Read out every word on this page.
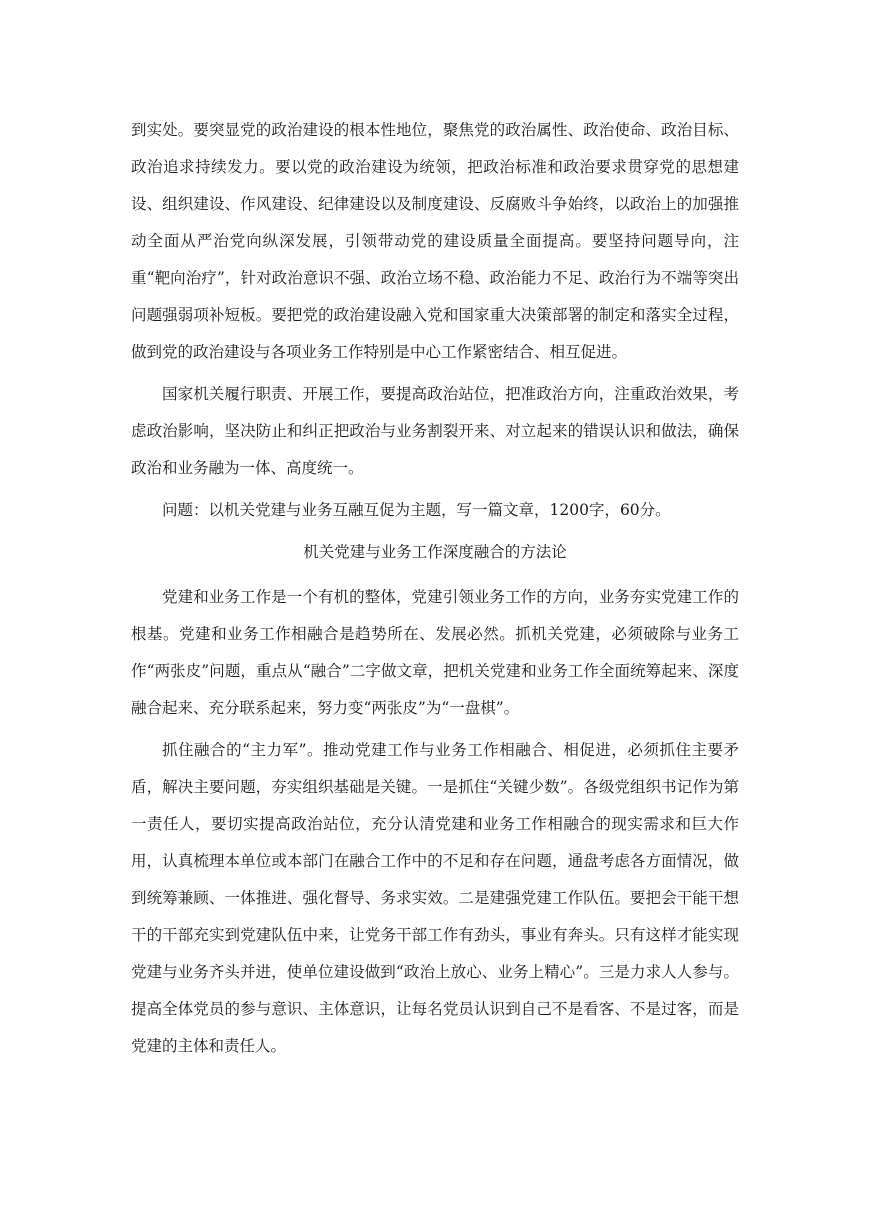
到实处。要突显党的政治建设的根本性地位，聚焦党的政治属性、政治使命、政治目标、政治追求持续发力。要以党的政治建设为统领，把政治标准和政治要求贯穿党的思想建设、组织建设、作风建设、纪律建设以及制度建设、反腐败斗争始终，以政治上的加强推动全面从严治党向纵深发展，引领带动党的建设质量全面提高。要坚持问题导向，注重“靶向治疗”，针对政治意识不强、政治立场不稳、政治能力不足、政治行为不端等突出问题强弱项补短板。要把党的政治建设融入党和国家重大决策部署的制定和落实全过程，做到党的政治建设与各项业务工作特别是中心工作紧密结合、相互促进。

国家机关履行职责、开展工作，要提高政治站位，把准政治方向，注重政治效果，考虑政治影响，坚决防止和纠正把政治与业务割裂开来、对立起来的错误认识和做法，确保政治和业务融为一体、高度统一。

问题：以机关党建与业务互融互促为主题，写一篇文章，1200字，60分。

机关党建与业务工作深度融合的方法论

党建和业务工作是一个有机的整体，党建引领业务工作的方向，业务夯实党建工作的根基。党建和业务工作相融合是趋势所在、发展必然。抓机关党建，必须破除与业务工作“两张皮”问题，重点从“融合”二字做文章，把机关党建和业务工作全面统筹起来、深度融合起来、充分联系起来，努力变“两张皮”为“一盘棋”。

抓住融合的“主力军”。推动党建工作与业务工作相融合、相促进，必须抓住主要矛盾，解决主要问题，夯实组织基础是关键。一是抓住“关键少数”。各级党组织书记作为第一责任人，要切实提高政治站位，充分认清党建和业务工作相融合的现实需求和巨大作用，认真梳理本单位或本部门在融合工作中的不足和存在问题，通盘考虑各方面情况，做到统筹兼顾、一体推进、强化督导、务求实效。二是建强党建工作队伍。要把会干能干想干的干部充实到党建队伍中来，让党务干部工作有劲头，事业有奔头。只有这样才能实现党建与业务齐头并进，使单位建设做到“政治上放心、业务上精心”。三是力求人人参与。提高全体党员的参与意识、主体意识，让每名党员认识到自己不是看客、不是过客，而是党建的主体和责任人。
